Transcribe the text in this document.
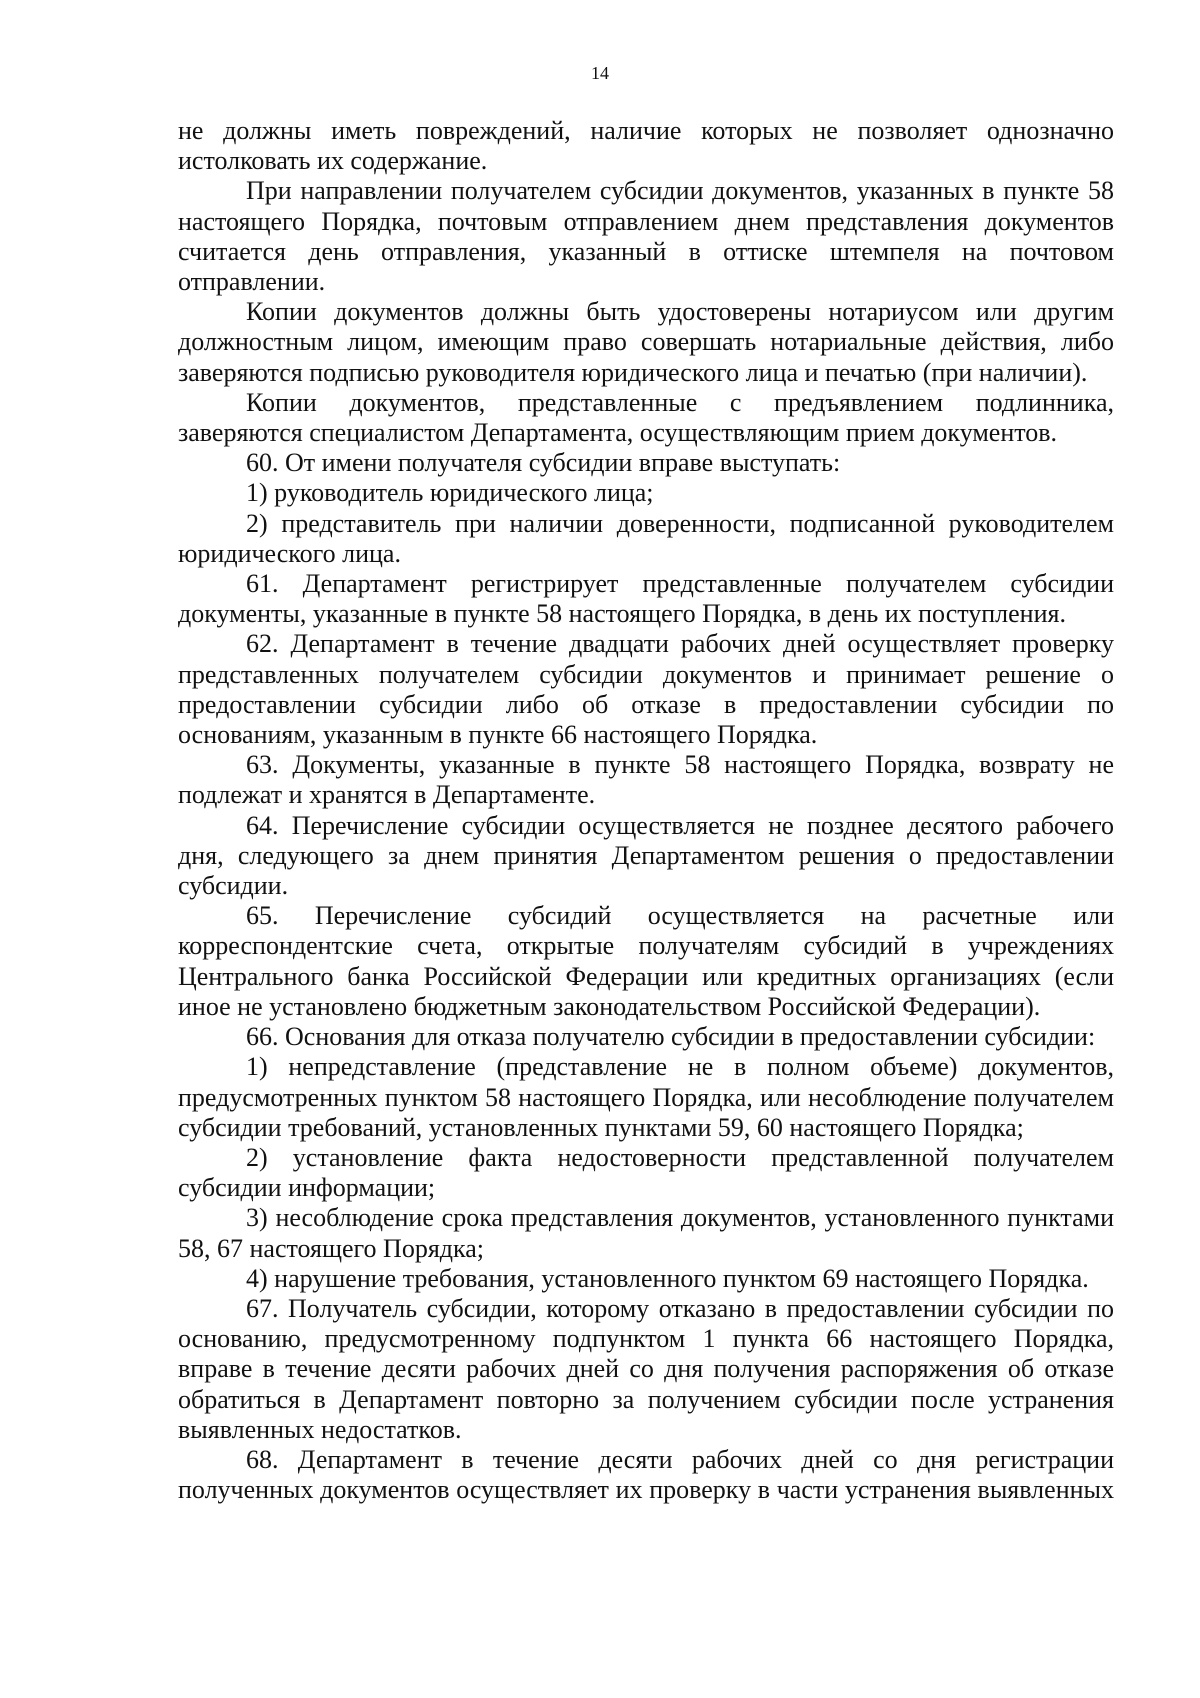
14

не должны иметь повреждений, наличие которых не позволяет однозначно истолковать их содержание.

При направлении получателем субсидии документов, указанных в пункте 58 настоящего Порядка, почтовым отправлением днем представления документов считается день отправления, указанный в оттиске штемпеля на почтовом отправлении.

Копии документов должны быть удостоверены нотариусом или другим должностным лицом, имеющим право совершать нотариальные действия, либо заверяются подписью руководителя юридического лица и печатью (при наличии).

Копии документов, представленные с предъявлением подлинника, заверяются специалистом Департамента, осуществляющим прием документов.

60. От имени получателя субсидии вправе выступать:

1) руководитель юридического лица;

2) представитель при наличии доверенности, подписанной руководителем юридического лица.

61. Департамент регистрирует представленные получателем субсидии документы, указанные в пункте 58 настоящего Порядка, в день их поступления.

62. Департамент в течение двадцати рабочих дней осуществляет проверку представленных получателем субсидии документов и принимает решение о предоставлении субсидии либо об отказе в предоставлении субсидии по основаниям, указанным в пункте 66 настоящего Порядка.

63. Документы, указанные в пункте 58 настоящего Порядка, возврату не подлежат и хранятся в Департаменте.

64. Перечисление субсидии осуществляется не позднее десятого рабочего дня, следующего за днем принятия Департаментом решения о предоставлении субсидии.

65. Перечисление субсидий осуществляется на расчетные или корреспондентские счета, открытые получателям субсидий в учреждениях Центрального банка Российской Федерации или кредитных организациях (если иное не установлено бюджетным законодательством Российской Федерации).

66. Основания для отказа получателю субсидии в предоставлении субсидии:

1) непредставление (представление не в полном объеме) документов, предусмотренных пунктом 58 настоящего Порядка, или несоблюдение получателем субсидии требований, установленных пунктами 59, 60 настоящего Порядка;

2) установление факта недостоверности представленной получателем субсидии информации;

3) несоблюдение срока представления документов, установленного пунктами 58, 67 настоящего Порядка;

4) нарушение требования, установленного пунктом 69 настоящего Порядка.

67. Получатель субсидии, которому отказано в предоставлении субсидии по основанию, предусмотренному подпунктом 1 пункта 66 настоящего Порядка, вправе в течение десяти рабочих дней со дня получения распоряжения об отказе обратиться в Департамент повторно за получением субсидии после устранения выявленных недостатков.

68. Департамент в течение десяти рабочих дней со дня регистрации полученных документов осуществляет их проверку в части устранения выявленных
